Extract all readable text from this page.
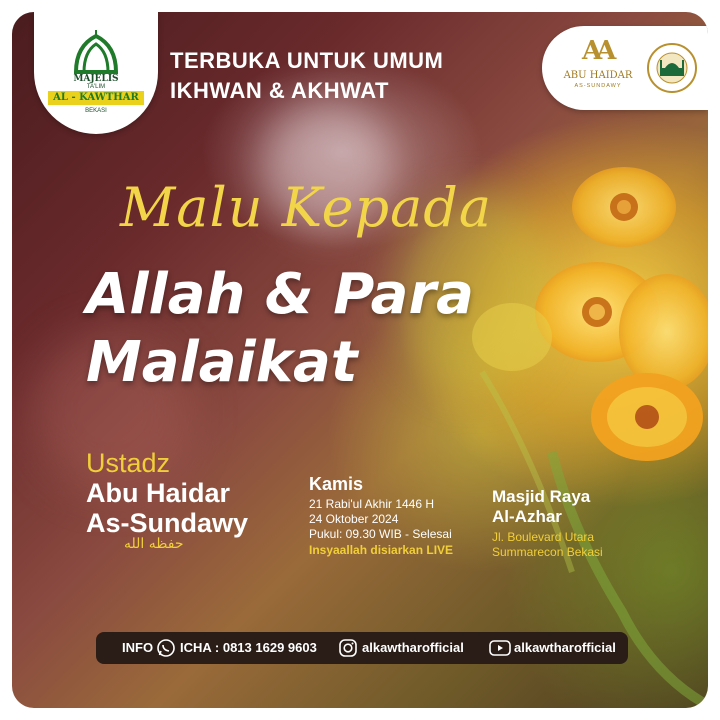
MAJELIS
TA'LIM
AL - KAWTHAR
BEKASI
TERBUKA UNTUK UMUM
IKHWAN & AKHWAT
AA
ABU HAIDAR
AS-SUNDAWY
Malu Kepada
Allah & Para
Malaikat
Ustadz
Abu Haidar
As-Sundawy
حفظه الله
Kamis
21 Rabi'ul Akhir 1446 H
24 Oktober 2024
Pukul: 09.30 WIB - Selesai
Insyaallah disiarkan LIVE
Masjid Raya
Al-Azhar
Jl. Boulevard Utara
Summarecon Bekasi
INFO ICHA : 0813 1629 9603	alkawtharofficial	alkawtharofficial
